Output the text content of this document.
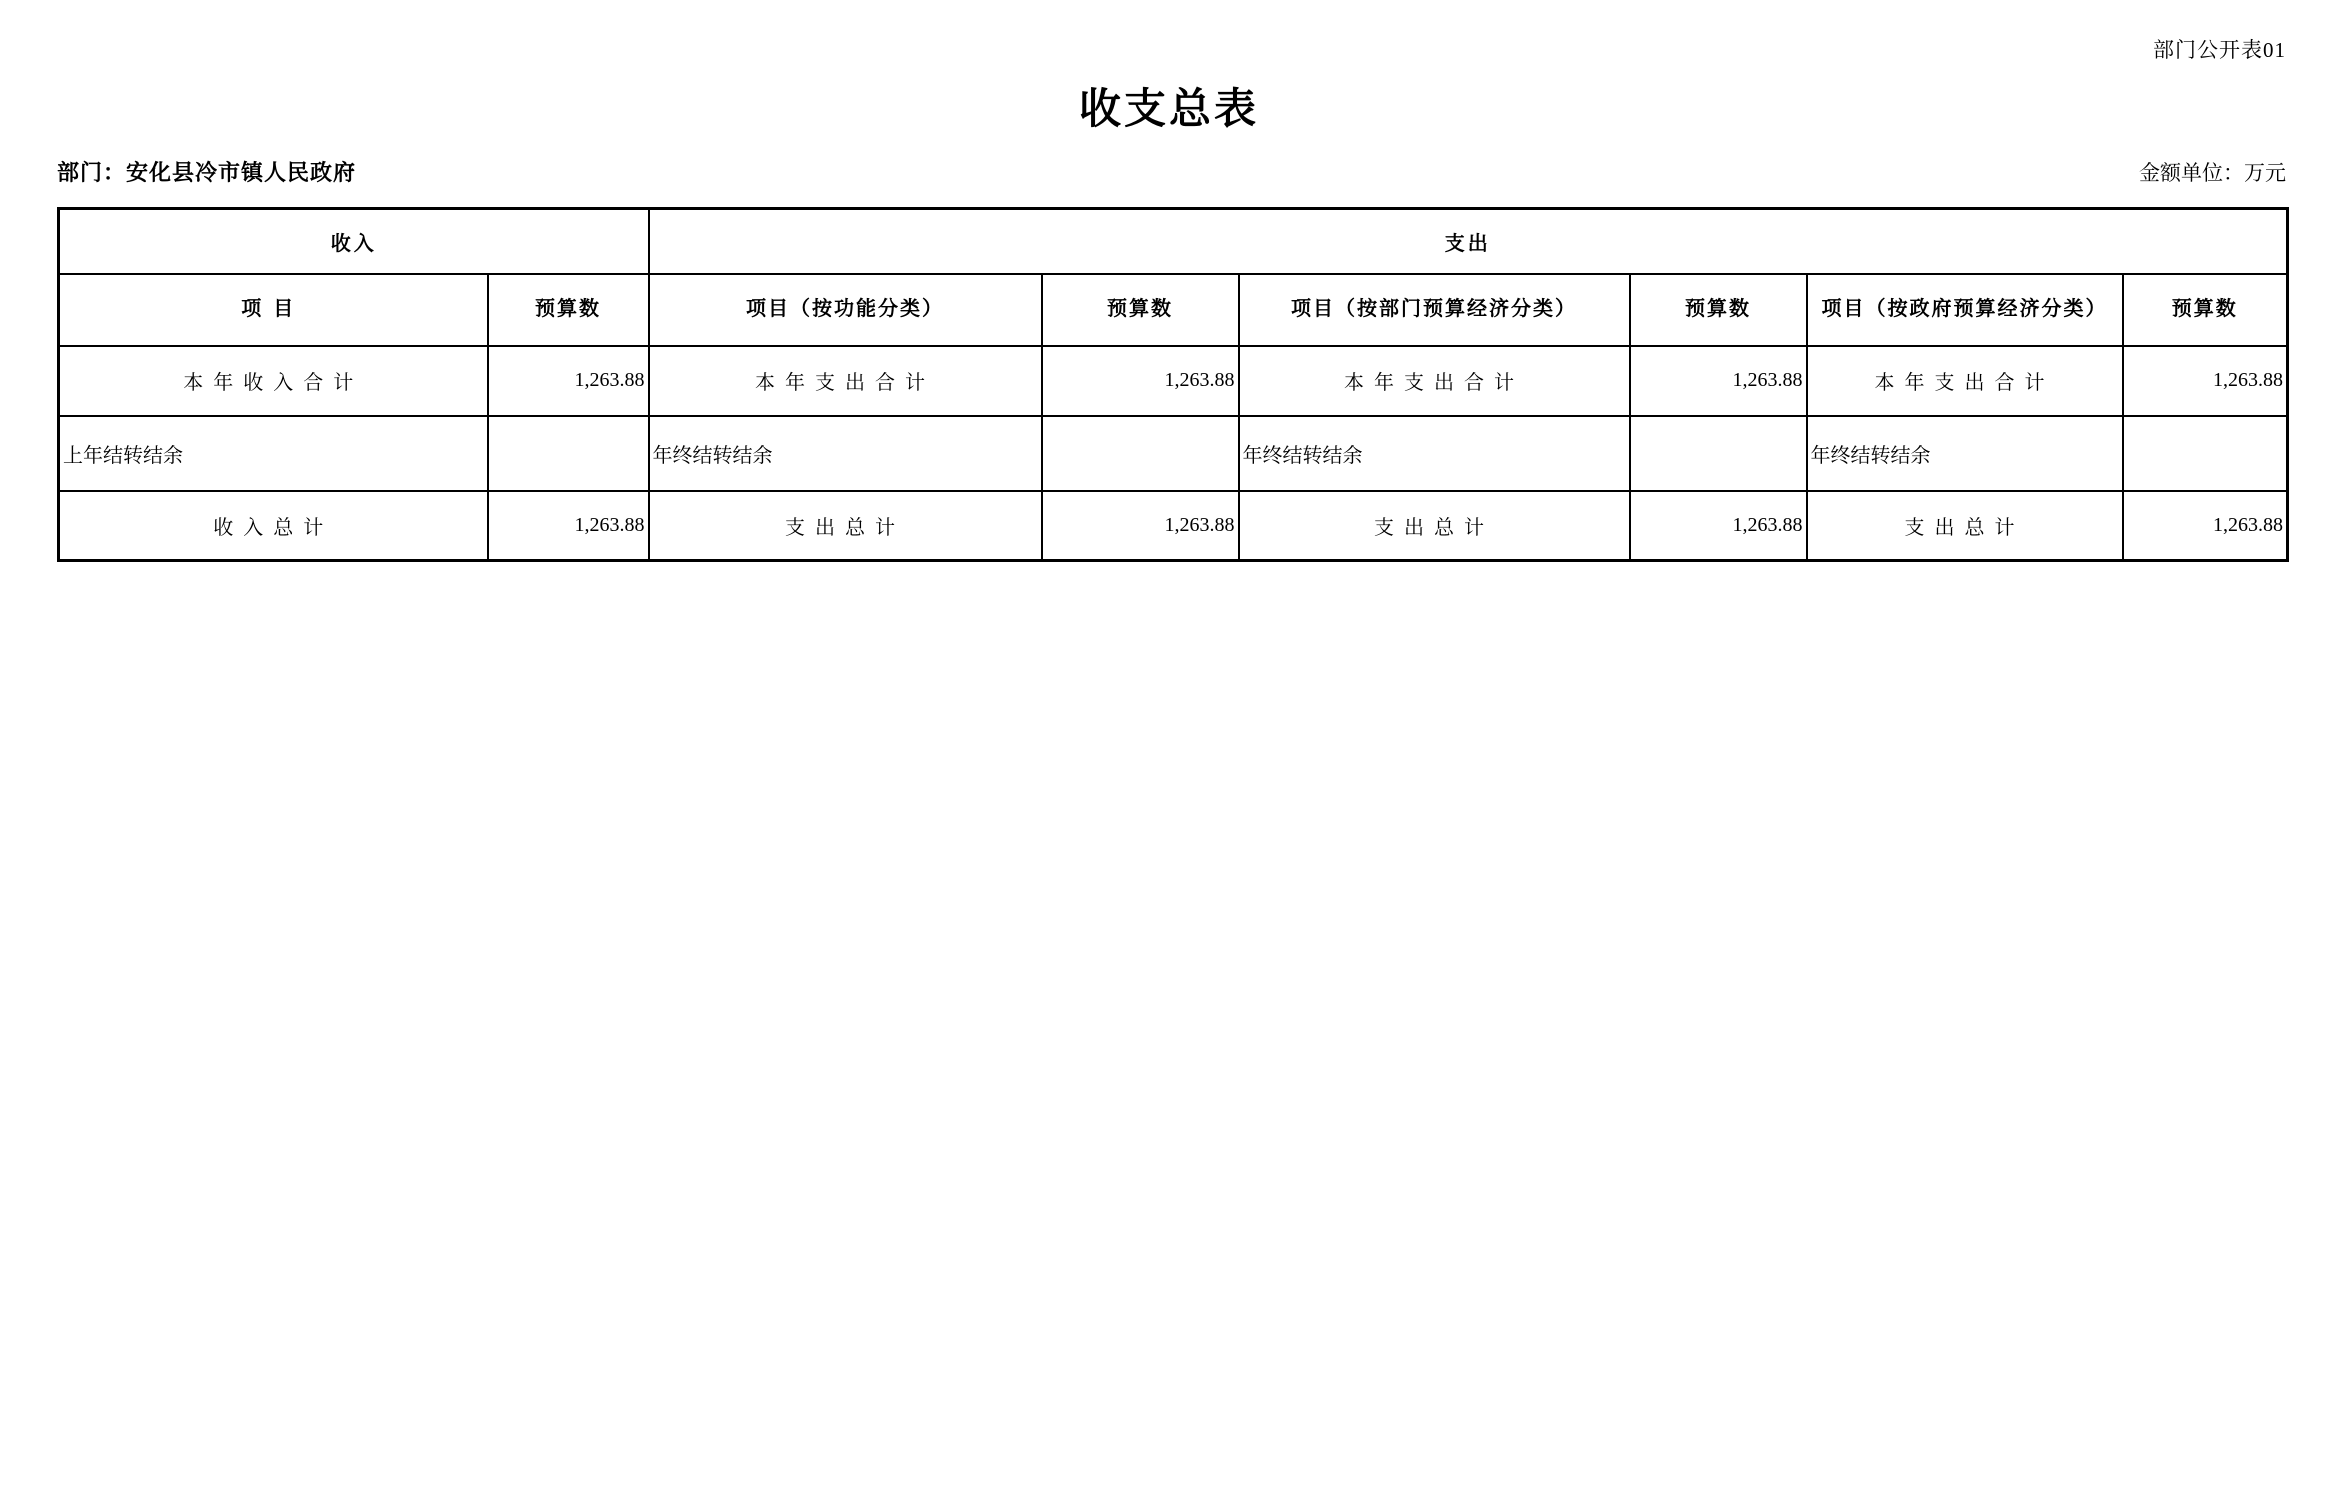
部门公开表01
收支总表
部门：安化县冷市镇人民政府	金额单位：万元
收入		支出					
项目	预算数	项目（按功能分类）	预算数	项目（按部门预算经济分类）	预算数	项目（按政府预算经济分类）	预算数
本年收入合计	1,263.88	本年支出合计	1,263.88	本年支出合计	1,263.88	本年支出合计	1,263.88
上年结转结余		年终结转结余		年终结转结余		年终结转结余	
收入总计	1,263.88	支出总计	1,263.88	支出总计	1,263.88	支出总计	1,263.88
